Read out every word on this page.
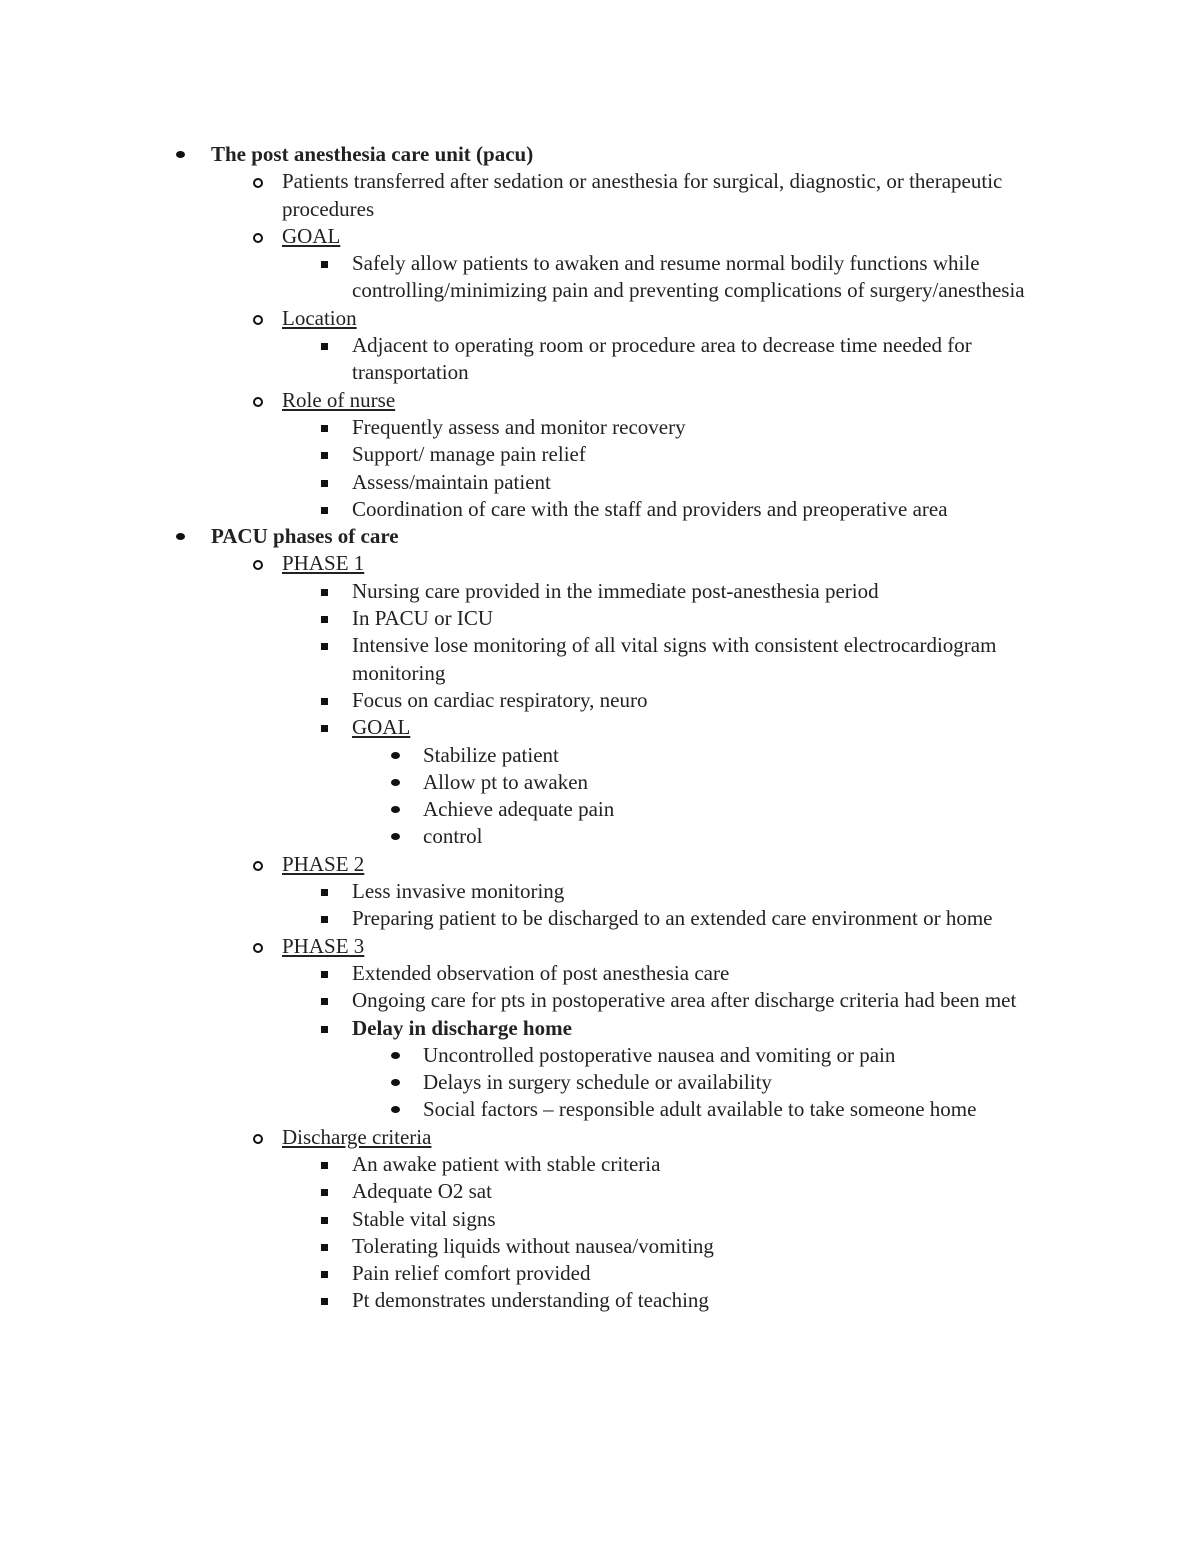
The post anesthesia care unit (pacu)
Patients transferred after sedation or anesthesia for surgical, diagnostic, or therapeutic procedures
GOAL
Safely allow patients to awaken and resume normal bodily functions while controlling/minimizing pain and preventing complications of surgery/anesthesia
Location
Adjacent to operating room or procedure area to decrease time needed for transportation
Role of nurse
Frequently assess and monitor recovery
Support/ manage pain relief
Assess/maintain patient
Coordination of care with the staff and providers and preoperative area
PACU phases of care
PHASE 1
Nursing care provided in the immediate post-anesthesia period
In PACU or ICU
Intensive lose monitoring of all vital signs with consistent electrocardiogram monitoring
Focus on cardiac respiratory, neuro
GOAL
Stabilize patient
Allow pt to awaken
Achieve adequate pain
control
PHASE 2
Less invasive monitoring
Preparing patient to be discharged to an extended care environment or home
PHASE 3
Extended observation of post anesthesia care
Ongoing care for pts in postoperative area after discharge criteria had been met
Delay in discharge home
Uncontrolled postoperative nausea and vomiting or pain
Delays in surgery schedule or availability
Social factors – responsible adult available to take someone home
Discharge criteria
An awake patient with stable criteria
Adequate O2 sat
Stable vital signs
Tolerating liquids without nausea/vomiting
Pain relief comfort provided
Pt demonstrates understanding of teaching
